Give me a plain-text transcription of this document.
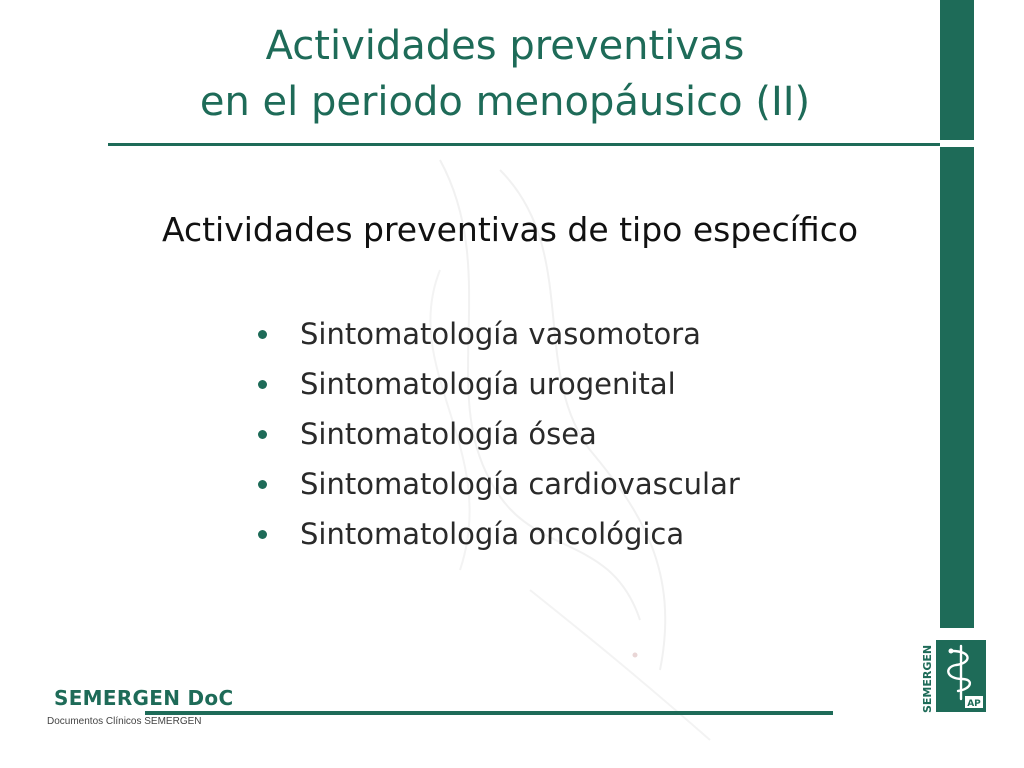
Actividades preventivas
en el periodo menopáusico (II)
Actividades preventivas de tipo específico
Sintomatología vasomotora
Sintomatología urogenital
Sintomatología ósea
Sintomatología cardiovascular
Sintomatología oncológica
SEMERGEN DoC
Documentos Clínicos SEMERGEN
SEMERGEN	AP
